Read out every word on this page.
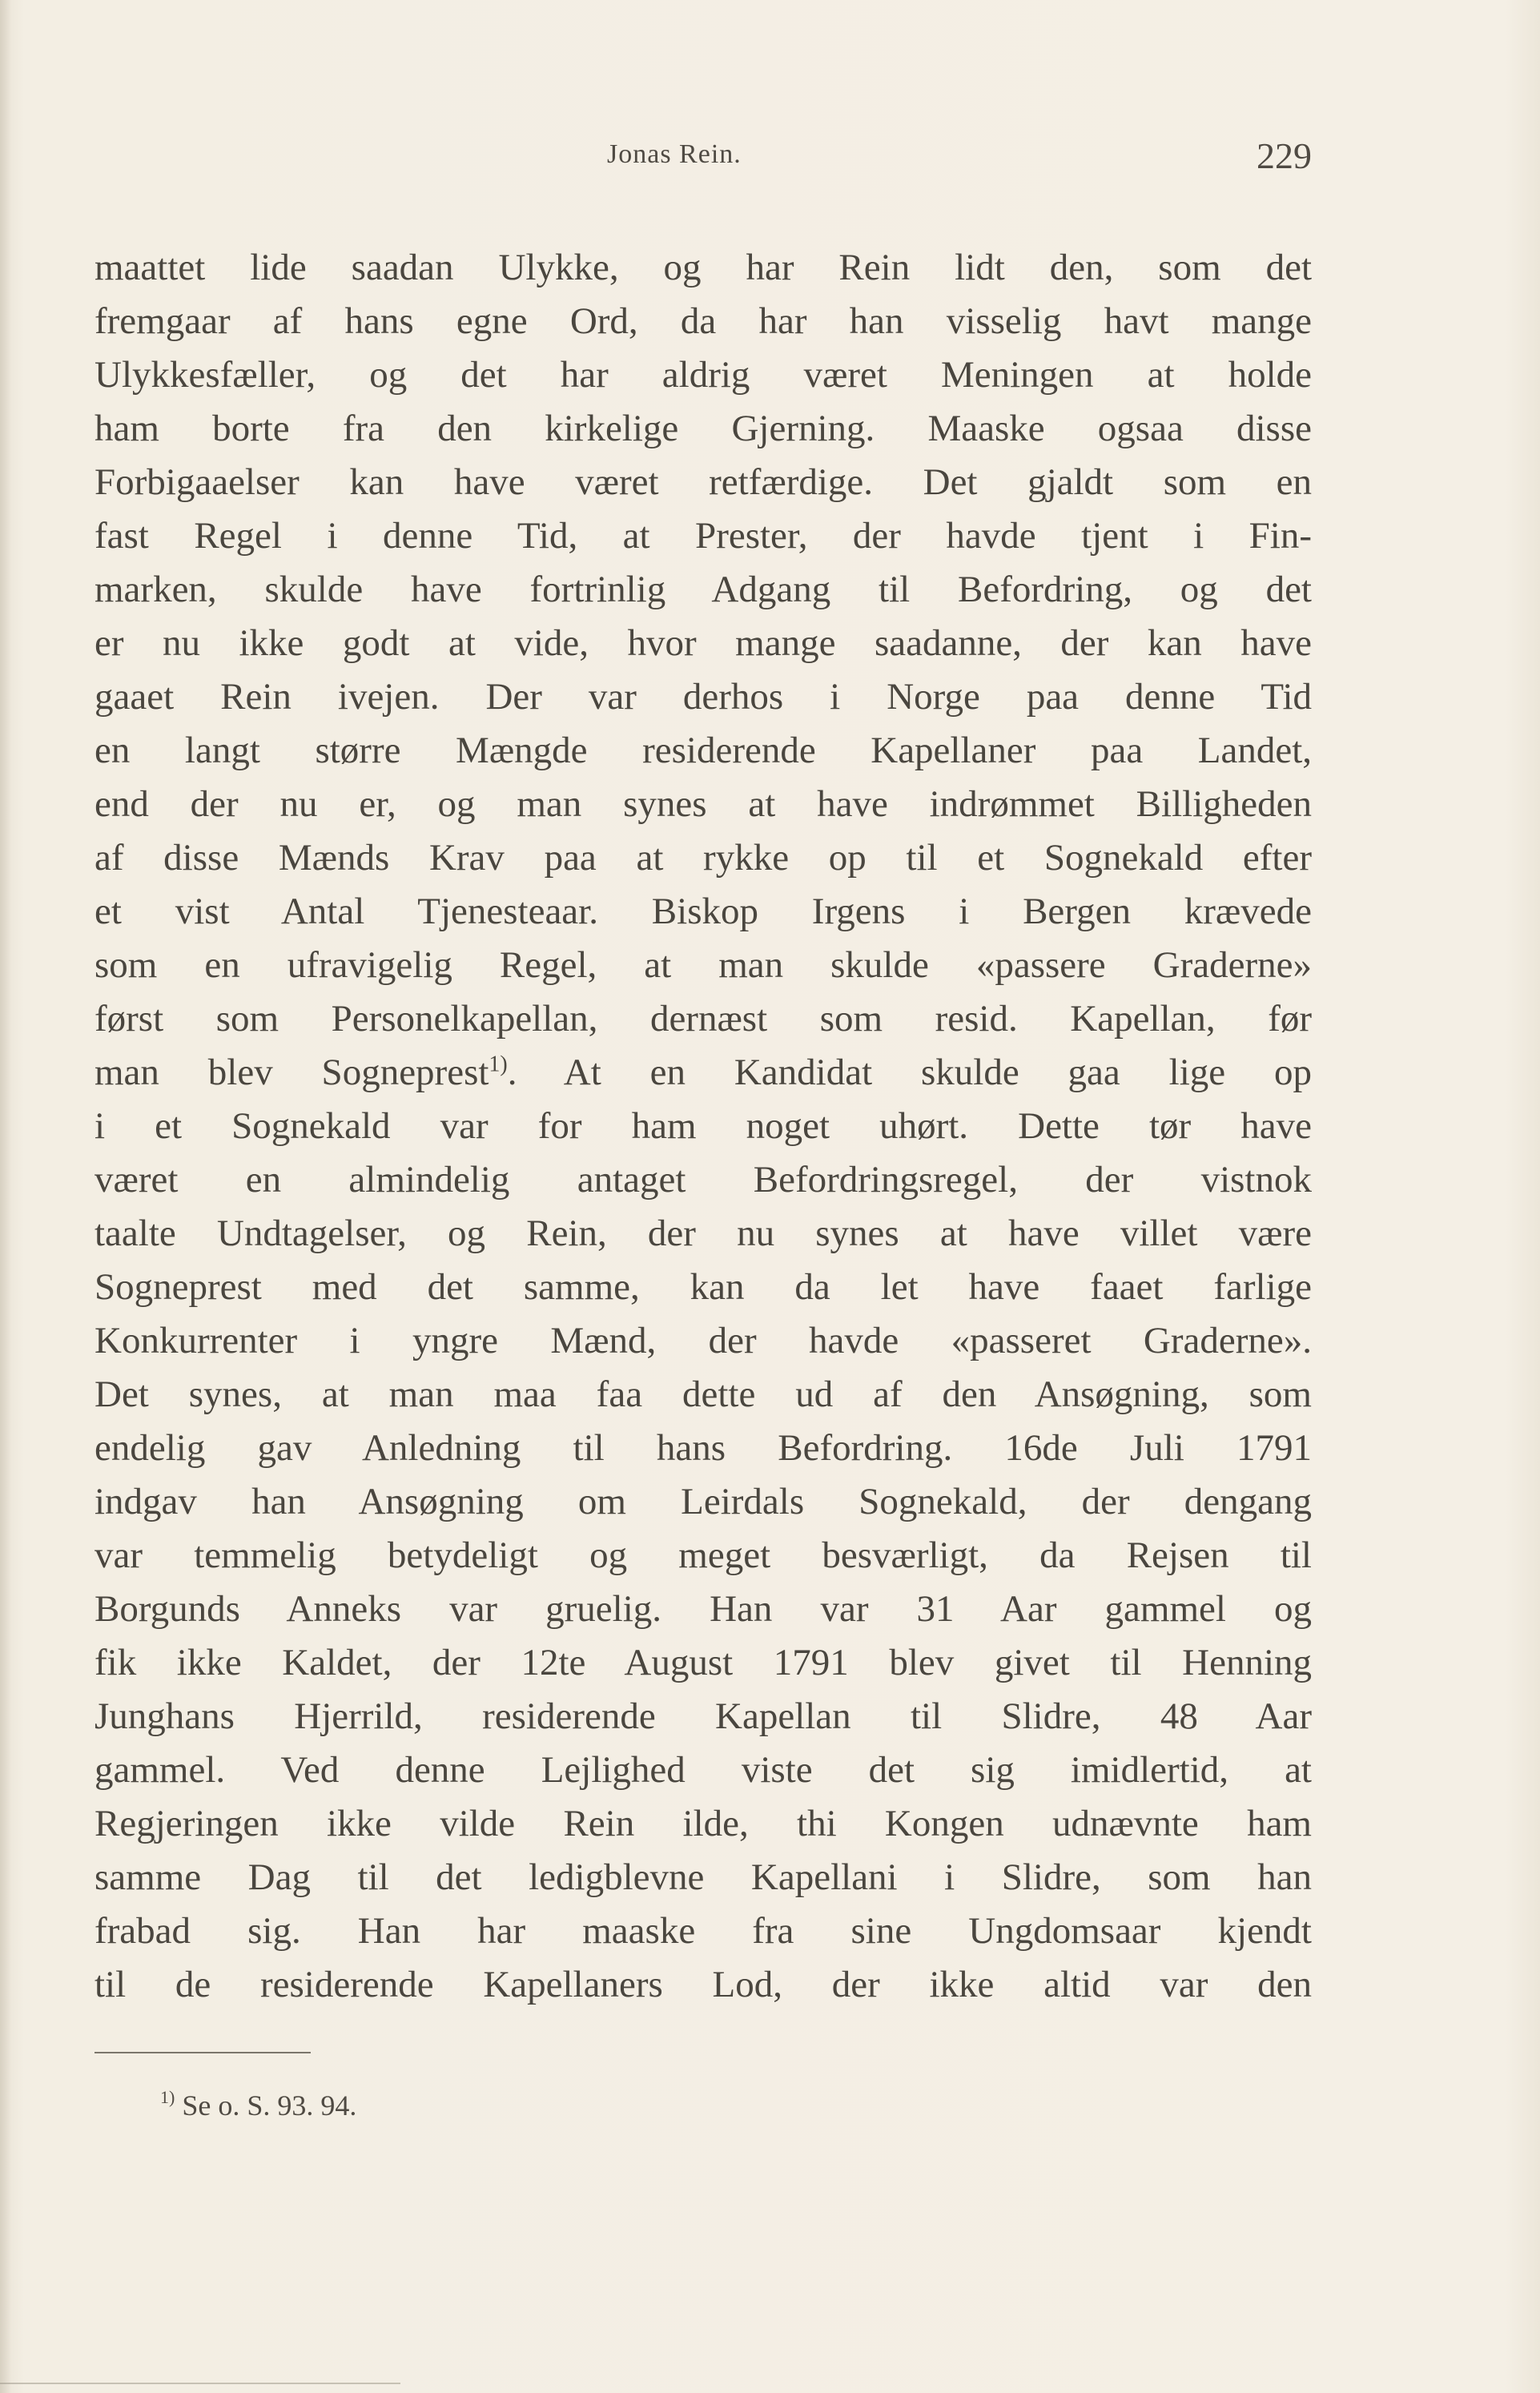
Jonas Rein.	229
maattet lide saadan Ulykke, og har Rein lidt den, som det
fremgaar af hans egne Ord, da har han visselig havt mange
Ulykkesfæller, og det har aldrig været Meningen at holde
ham borte fra den kirkelige Gjerning. Maaske ogsaa disse
Forbigaaelser kan have været retfærdige. Det gjaldt som en
fast Regel i denne Tid, at Prester, der havde tjent i Fin-
marken, skulde have fortrinlig Adgang til Befordring, og det
er nu ikke godt at vide, hvor mange saadanne, der kan have
gaaet Rein ivejen. Der var derhos i Norge paa denne Tid
en langt større Mængde residerende Kapellaner paa Landet,
end der nu er, og man synes at have indrømmet Billigheden
af disse Mænds Krav paa at rykke op til et Sognekald efter
et vist Antal Tjenesteaar. Biskop Irgens i Bergen krævede
som en ufravigelig Regel, at man skulde «passere Graderne»
først som Personelkapellan, dernæst som resid. Kapellan, før
man blev Sogneprest$^{1)}$. At en Kandidat skulde gaa lige op
i et Sognekald var for ham noget uhørt. Dette tør have
været en almindelig antaget Befordringsregel, der vistnok
taalte Undtagelser, og Rein, der nu synes at have villet være
Sogneprest med det samme, kan da let have faaet farlige
Konkurrenter i yngre Mænd, der havde «passeret Graderne».
Det synes, at man maa faa dette ud af den Ansøgning, som
endelig gav Anledning til hans Befordring. 16de Juli 1791
indgav han Ansøgning om Leirdals Sognekald, der dengang
var temmelig betydeligt og meget besværligt, da Rejsen til
Borgunds Anneks var gruelig. Han var 31 Aar gammel og
fik ikke Kaldet, der 12te August 1791 blev givet til Henning
Junghans Hjerrild, residerende Kapellan til Slidre, 48 Aar
gammel. Ved denne Lejlighed viste det sig imidlertid, at
Regjeringen ikke vilde Rein ilde, thi Kongen udnævnte ham
samme Dag til det ledigblevne Kapellani i Slidre, som han
frabad sig. Han har maaske fra sine Ungdomsaar kjendt
til de residerende Kapellaners Lod, der ikke altid var den
$^{1)}$ Se o. S. 93. 94.
